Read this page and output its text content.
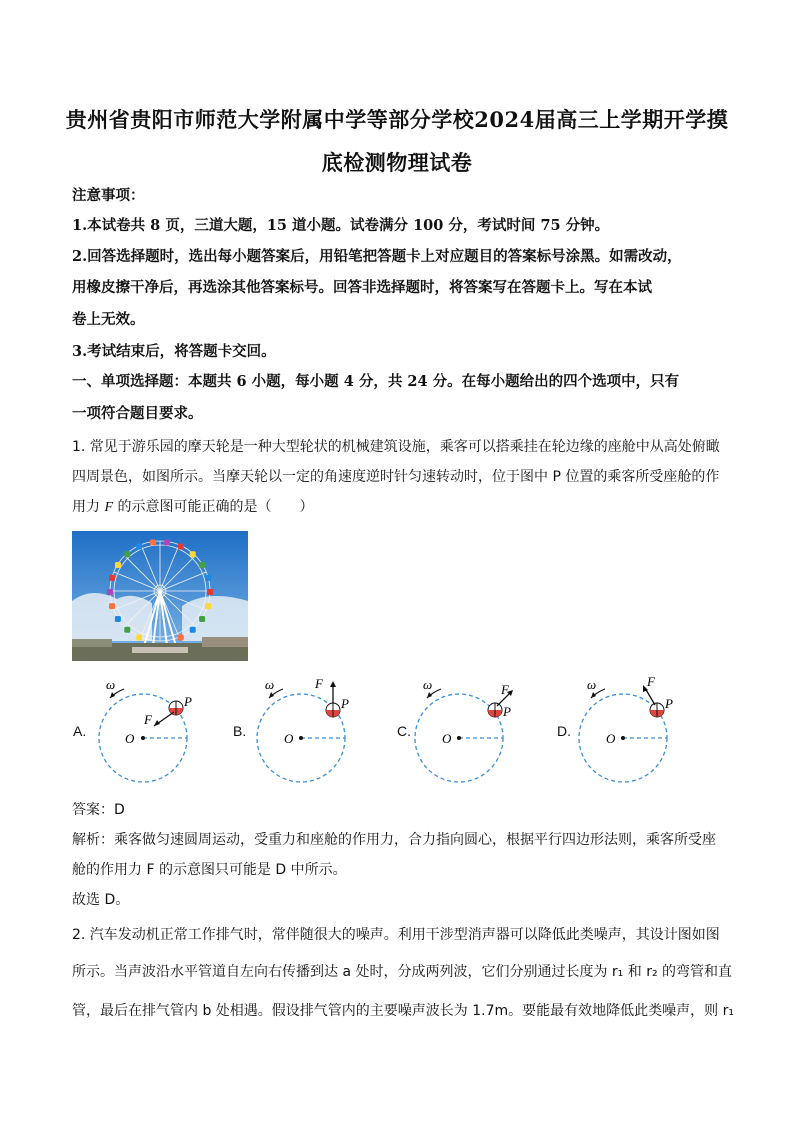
贵州省贵阳市师范大学附属中学等部分学校2024届高三上学期开学摸
底检测物理试卷
注意事项：
1.本试卷共 8 页，三道大题，15 道小题。试卷满分 100 分，考试时间 75 分钟。
2.回答选择题时，选出每小题答案后，用铅笔把答题卡上对应题目的答案标号涂黑。如需改动，
用橡皮擦干净后，再选涂其他答案标号。回答非选择题时，将答案写在答题卡上。写在本试
卷上无效。
3.考试结束后，将答题卡交回。
一、单项选择题：本题共 6 小题，每小题 4 分，共 24 分。在每小题给出的四个选项中，只有
一项符合题目要求。
1. 常见于游乐园的摩天轮是一种大型轮状的机械建筑设施，乘客可以搭乘挂在轮边缘的座舱中从高处俯瞰
四周景色，如图所示。当摩天轮以一定的角速度逆时针匀速转动时，位于图中 P 位置的乘客所受座舱的作
用力 F 的示意图可能正确的是（　　）
A.	B.	C.	D.
O
ω
P
F
O
ω
P
F
O
ω
P
F
O
ω
P
F
答案：D
解析：乘客做匀速圆周运动，受重力和座舱的作用力，合力指向圆心，根据平行四边形法则，乘客所受座
舱的作用力 F 的示意图只可能是 D 中所示。
故选 D。
2. 汽车发动机正常工作排气时，常伴随很大的噪声。利用干涉型消声器可以降低此类噪声，其设计图如图
所示。当声波沿水平管道自左向右传播到达 a 处时，分成两列波，它们分别通过长度为 r₁ 和 r₂ 的弯管和直
管，最后在排气管内 b 处相遇。假设排气管内的主要噪声波长为 1.7m。要能最有效地降低此类噪声，则 r₁
